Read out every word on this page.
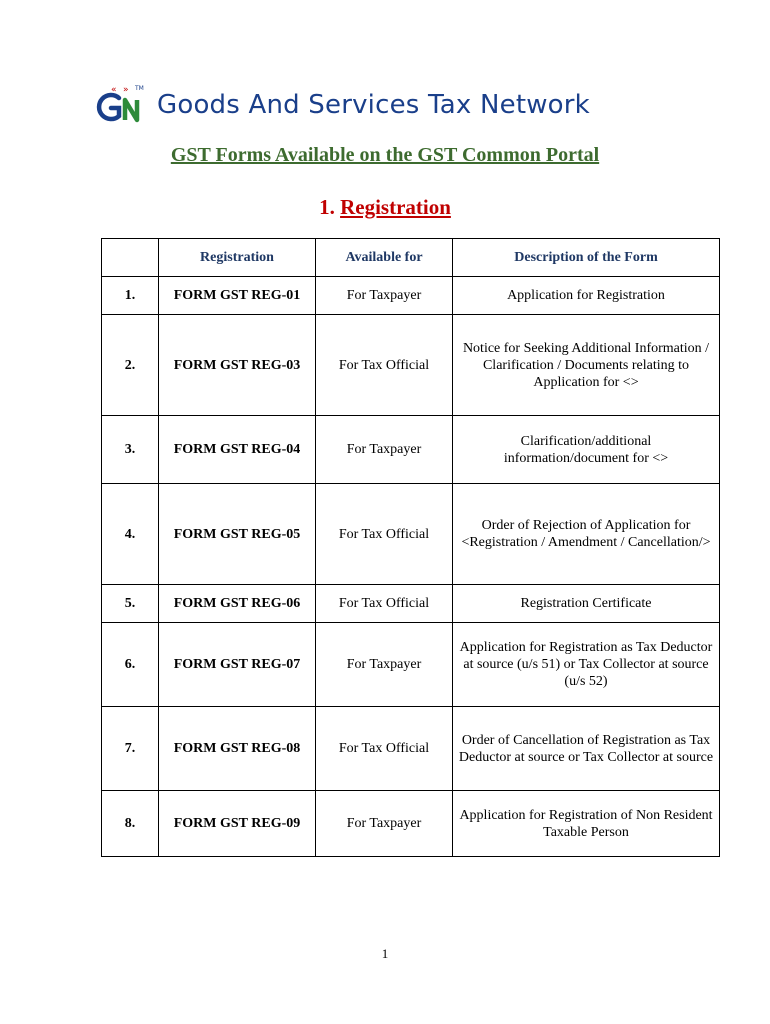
« » TM
Goods And Services Tax Network
GST Forms Available on the GST Common Portal
1. Registration
	Registration	Available for	Description of the Form
1.	FORM GST REG-01	For Taxpayer	Application for Registration
2.	FORM GST REG-03	For Tax Official	Notice for Seeking Additional Information / Clarification / Documents relating to Application for <>
3.	FORM GST REG-04	For Taxpayer	Clarification/additional information/document for <>
4.	FORM GST REG-05	For Tax Official	Order of Rejection of Application for <Registration / Amendment / Cancellation/>
5.	FORM GST REG-06	For Tax Official	Registration Certificate
6.	FORM GST REG-07	For Taxpayer	Application for Registration as Tax Deductor at source (u/s 51) or Tax Collector at source (u/s 52)
7.	FORM GST REG-08	For Tax Official	Order of Cancellation of Registration as Tax Deductor at source or Tax Collector at source
8.	FORM GST REG-09	For Taxpayer	Application for Registration of Non Resident Taxable Person
1
